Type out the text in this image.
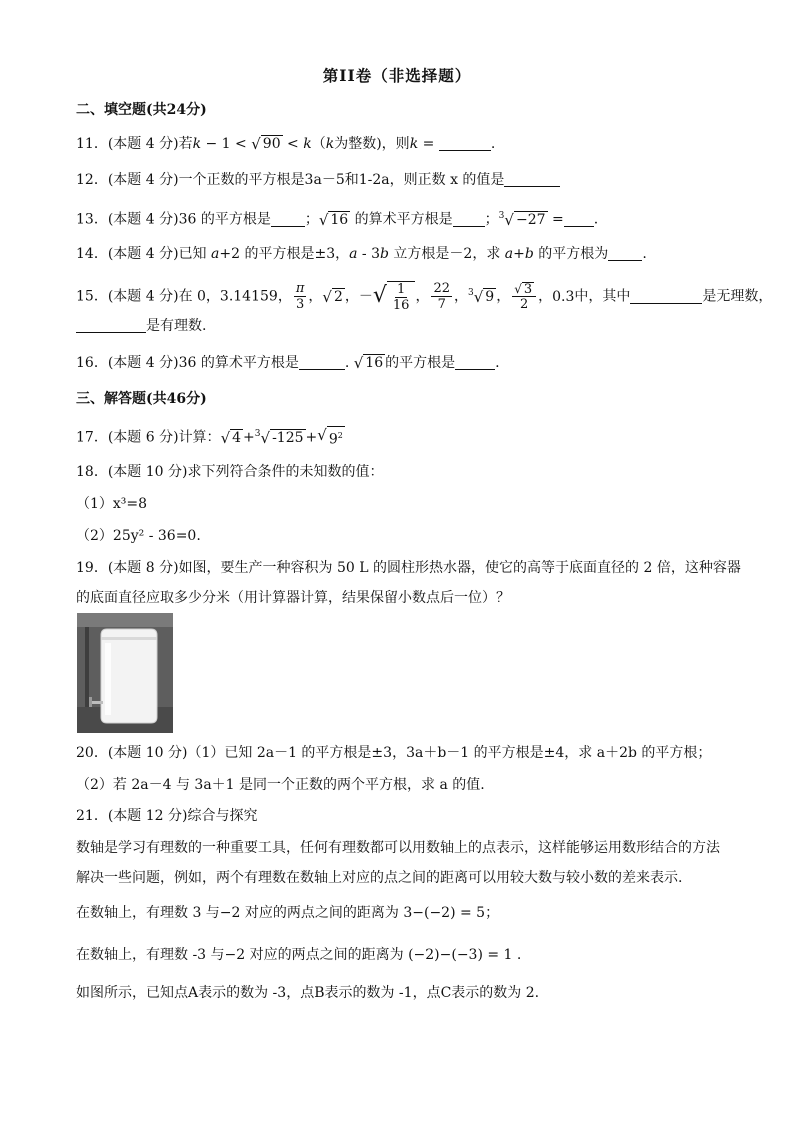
第II卷（非选择题）
二、填空题(共24分)
11．(本题 4 分)若k − 1 < √ 90 < k（k为整数)，则k =	.
12．(本题 4 分)一个正数的平方根是3a－5和1-2a，则正数 x 的值是
13．(本题 4 分)36 的平方根是 ； √ 16 的算术平方根是 ；$^3$ √ −27 = .
14．(本题 4 分)已知 a+2 的平方根是±3，a - 3b 立方根是－2，求 a+b 的平方根为 .
15．(本题 4 分)在 0，3.14159， $\frac{\pi}{3}$ ， √ 2 ，－ √ $\frac{1}{16}$ ， $\frac{22}{7}$ ，$^3$ √ 9 ， $\frac{√ 3}{2}$ ，0.3中，其中	是无理数，
是有理数.
16．(本题 4 分)36 的算术平方根是	. √ 16 的平方根是	.
三、解答题(共46分)
17．(本题 6 分)计算： √ 4 +$^3$ √ -125 + √ $9^2$
18．(本题 10 分)求下列符合条件的未知数的值：
（1）x³=8
（2）25y² - 36=0.
19．(本题 8 分)如图，要生产一种容积为 50 L 的圆柱形热水器，使它的高等于底面直径的 2 倍，这种容器
的底面直径应取多少分米（用计算器计算，结果保留小数点后一位）？
20．(本题 10 分)（1）已知 2a－1 的平方根是±3，3a＋b－1 的平方根是±4，求 a＋2b 的平方根；
（2）若 2a－4 与 3a＋1 是同一个正数的两个平方根，求 a 的值.
21．(本题 12 分)综合与探究
数轴是学习有理数的一种重要工具，任何有理数都可以用数轴上的点表示，这样能够运用数形结合的方法
解决一些问题，例如，两个有理数在数轴上对应的点之间的距离可以用较大数与较小数的差来表示.
在数轴上，有理数 3 与−2 对应的两点之间的距离为 3−(−2) = 5；
在数轴上，有理数 -3 与−2 对应的两点之间的距离为 (−2)−(−3) = 1 .
如图所示，已知点A表示的数为 -3，点B表示的数为 -1，点C表示的数为 2.
